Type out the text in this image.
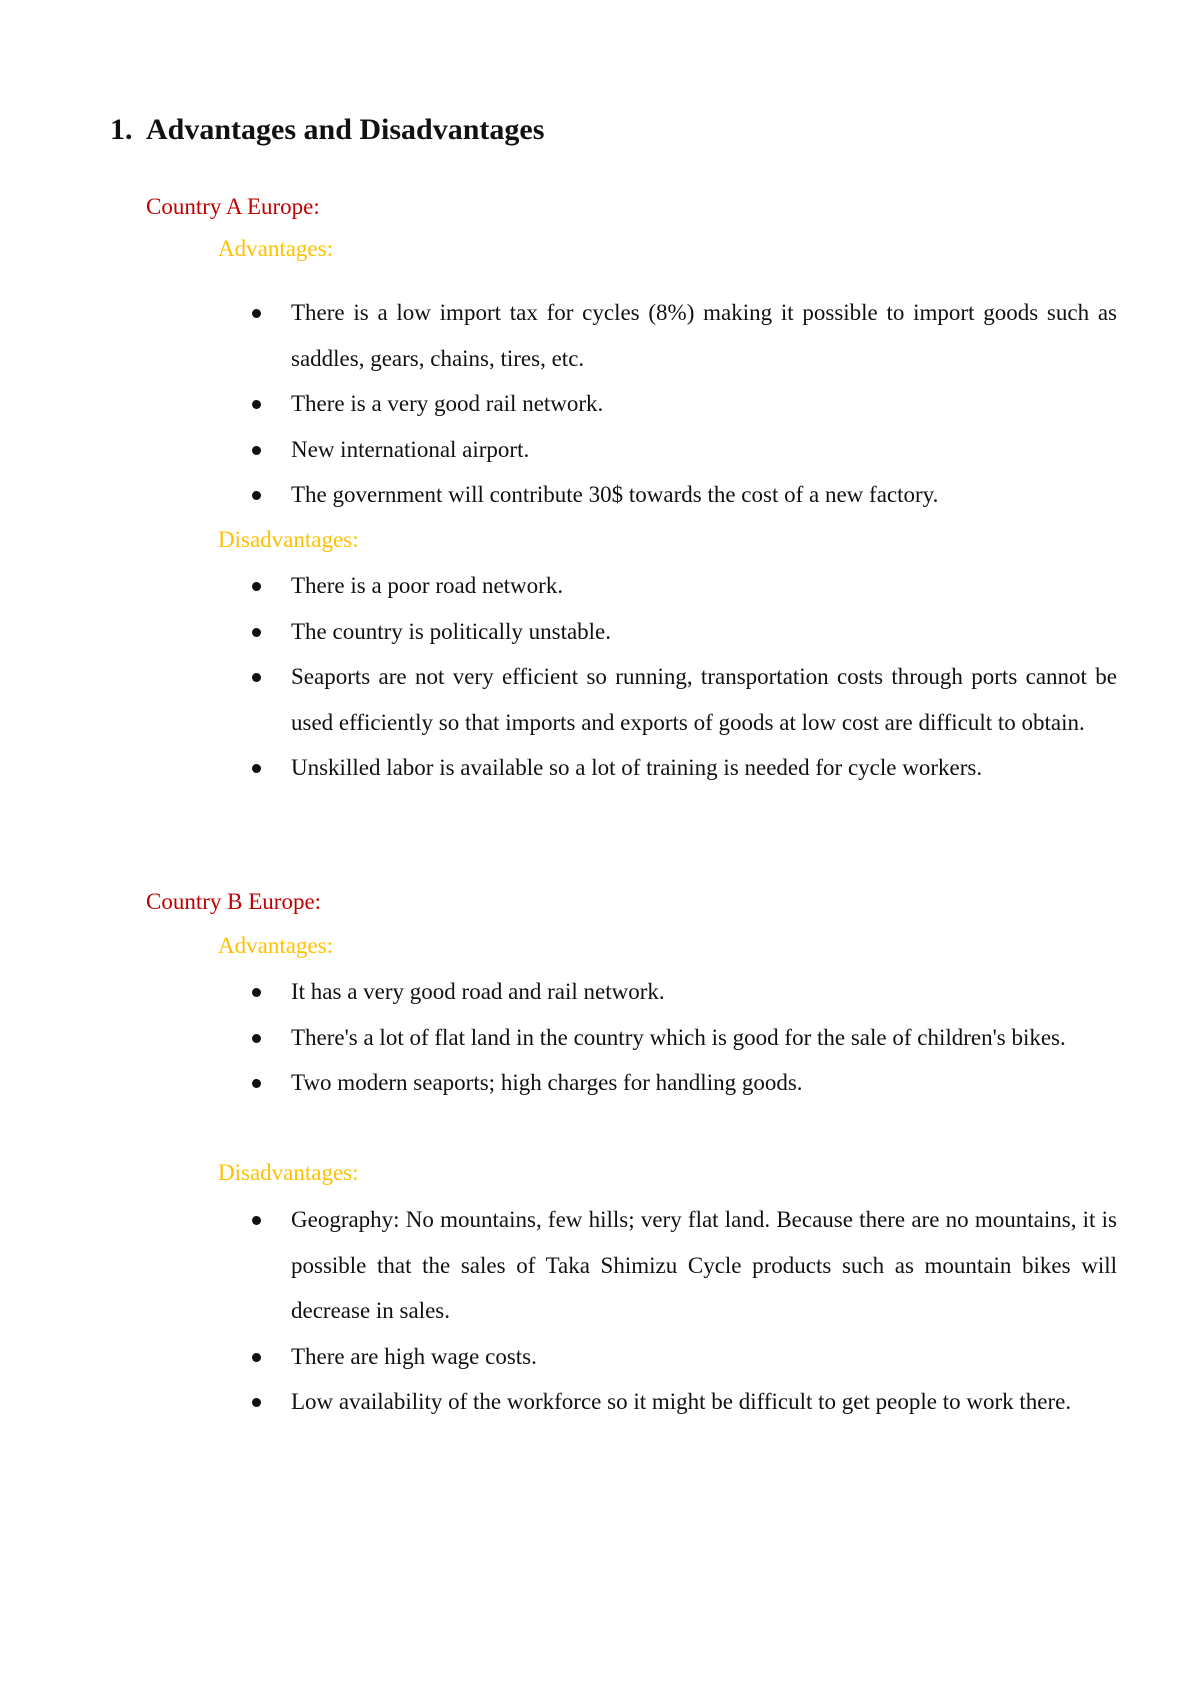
1. Advantages and Disadvantages

Country A Europe:

Advantages:

There is a low import tax for cycles (8%) making it possible to import goods such as saddles, gears, chains, tires, etc.
There is a very good rail network.
New international airport.
The government will contribute 30$ towards the cost of a new factory.

Disadvantages:

There is a poor road network.
The country is politically unstable.
Seaports are not very efficient so running, transportation costs through ports cannot be used efficiently so that imports and exports of goods at low cost are difficult to obtain.
Unskilled labor is available so a lot of training is needed for cycle workers.

Country B Europe:

Advantages:

It has a very good road and rail network.
There's a lot of flat land in the country which is good for the sale of children's bikes.
Two modern seaports; high charges for handling goods.

Disadvantages:

Geography: No mountains, few hills; very flat land. Because there are no mountains, it is possible that the sales of Taka Shimizu Cycle products such as mountain bikes will decrease in sales.
There are high wage costs.
Low availability of the workforce so it might be difficult to get people to work there.
